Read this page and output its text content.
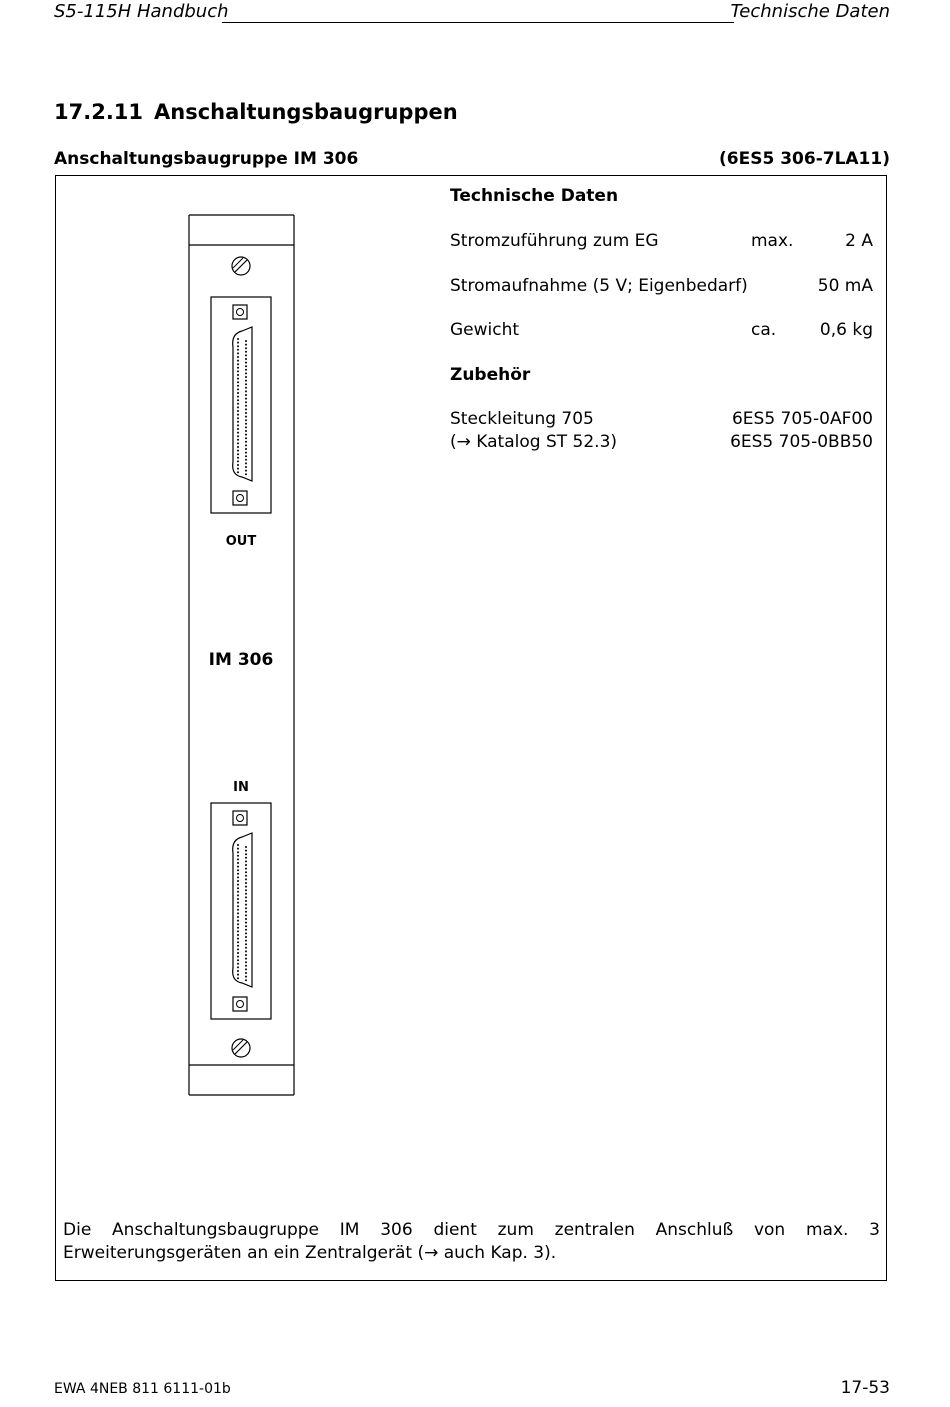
S5-115H Handbuch	Technische Daten
17.2.11 Anschaltungsbaugruppen
Anschaltungsbaugruppe IM 306	(6ES5 306-7LA11)
OUT
IM 306
IN
Technische Daten
Stromzuführung zum EG	max.	2 A
Stromaufnahme (5 V; Eigenbedarf)	50 mA
Gewicht	ca.	0,6 kg
Zubehör
Steckleitung 705	6ES5 705-0AF00
(→ Katalog ST 52.3)	6ES5 705-0BB50
Die Anschaltungsbaugruppe IM 306 dient zum zentralen Anschluß von max. 3 Erweiterungsgeräten an ein Zentralgerät (→ auch Kap. 3).
EWA 4NEB 811 6111-01b	17-53
